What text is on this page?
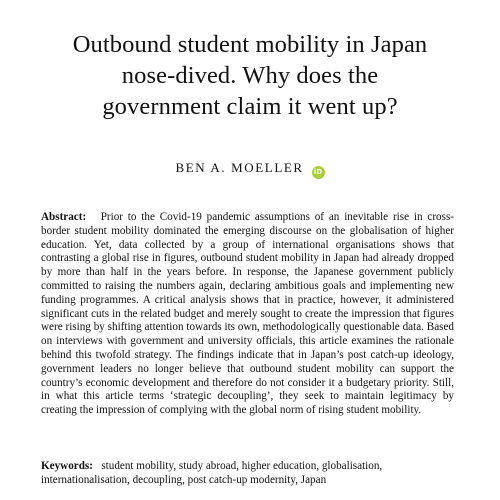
Outbound student mobility in Japan
nose-dived. Why does the
government claim it went up?
BEN A. MOELLER iD

Abstract: Prior to the Covid-19 pandemic assumptions of an inevitable rise in cross-border student mobility dominated the emerging discourse on the globalisation of higher education. Yet, data collected by a group of international organisations shows that contrasting a global rise in figures, outbound student mobility in Japan had already dropped by more than half in the years before. In response, the Japanese government publicly committed to raising the numbers again, declaring ambitious goals and implementing new funding programmes. A critical analysis shows that in practice, however, it administered significant cuts in the related budget and merely sought to create the impression that figures were rising by shifting attention towards its own, methodologically questionable data. Based on interviews with government and university officials, this article examines the rationale behind this twofold strategy. The findings indicate that in Japan’s post catch-up ideology, government leaders no longer believe that outbound student mobility can support the country’s economic development and therefore do not consider it a budgetary priority. Still, in what this article terms ‘strategic decoupling’, they seek to maintain legitimacy by creating the impression of complying with the global norm of rising student mobility.

Keywords: student mobility, study abroad, higher education, globalisation, internationalisation, decoupling, post catch-up modernity, Japan
